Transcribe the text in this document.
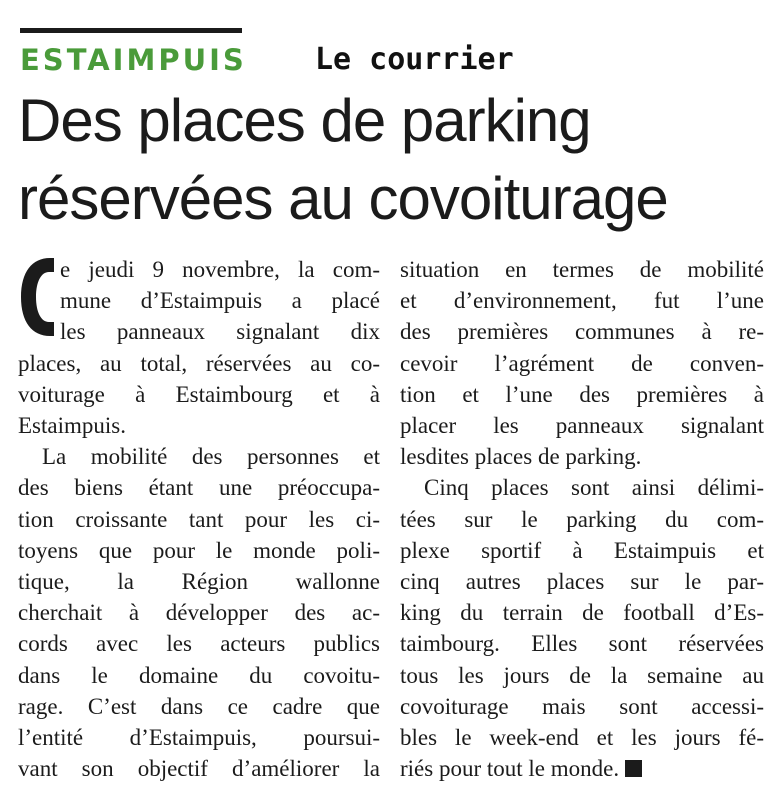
ESTAIMPUIS Le courrier
Des places de parking
réservées au covoiturage
e jeudi 9 novembre, la com-
mune d’Estaimpuis a placé
les panneaux signalant dix
places, au total, réservées au co-
voiturage à Estaimbourg et à
Estaimpuis.
La mobilité des personnes et
des biens étant une préoccupa-
tion croissante tant pour les ci-
toyens que pour le monde poli-
tique, la Région wallonne
cherchait à développer des ac-
cords avec les acteurs publics
dans le domaine du covoitu-
rage. C’est dans ce cadre que
l’entité d’Estaimpuis, poursui-
vant son objectif d’améliorer la
situation en termes de mobilité
et d’environnement, fut l’une
des premières communes à re-
cevoir l’agrément de conven-
tion et l’une des premières à
placer les panneaux signalant
lesdites places de parking.
Cinq places sont ainsi délimi-
tées sur le parking du com-
plexe sportif à Estaimpuis et
cinq autres places sur le par-
king du terrain de football d’Es-
taimbourg. Elles sont réservées
tous les jours de la semaine au
covoiturage mais sont accessi-
bles le week-end et les jours fé-
riés pour tout le monde.
